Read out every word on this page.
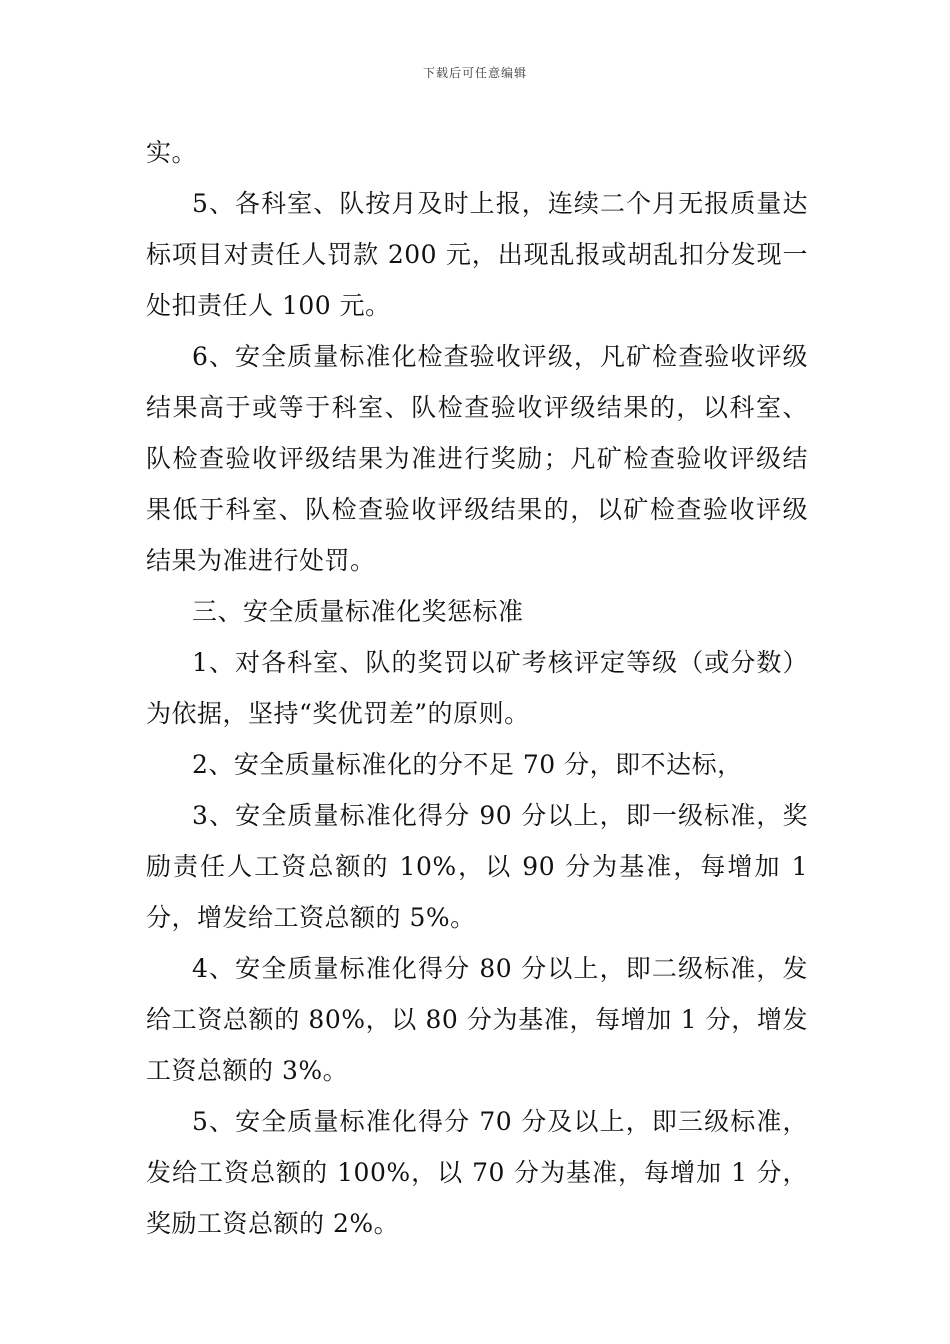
下载后可任意编辑

实。

5、各科室、队按月及时上报，连续二个月无报质量达标项目对责任人罚款 200 元，出现乱报或胡乱扣分发现一处扣责任人 100 元。

6、安全质量标准化检查验收评级，凡矿检查验收评级结果高于或等于科室、队检查验收评级结果的，以科室、队检查验收评级结果为准进行奖励；凡矿检查验收评级结果低于科室、队检查验收评级结果的，以矿检查验收评级结果为准进行处罚。

三、安全质量标准化奖惩标准

1、对各科室、队的奖罚以矿考核评定等级（或分数）为依据，坚持“奖优罚差”的原则。

2、安全质量标准化的分不足 70 分，即不达标，

3、安全质量标准化得分 90 分以上，即一级标准，奖励责任人工资总额的 10%，以 90 分为基准，每增加 1 分，增发给工资总额的 5%。

4、安全质量标准化得分 80 分以上，即二级标准，发给工资总额的 80%，以 80 分为基准，每增加 1 分，增发工资总额的 3%。

5、安全质量标准化得分 70 分及以上，即三级标准，发给工资总额的 100%，以 70 分为基准，每增加 1 分，奖励工资总额的 2%。
